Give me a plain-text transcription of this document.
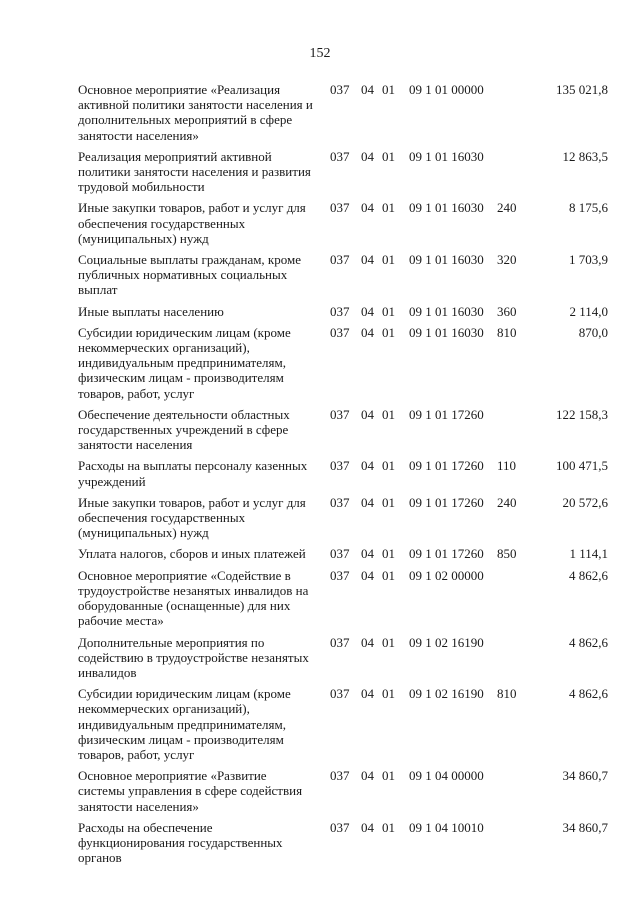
152
Основное мероприятие «Реализация активной политики занятости населения и дополнительных мероприятий в сфере занятости населения»
037 04 01 09 1 01 00000	135 021,8
Реализация мероприятий активной политики занятости населения и развития трудовой мобильности
037 04 01 09 1 01 16030	12 863,5
Иные закупки товаров, работ и услуг для обеспечения государственных (муниципальных) нужд
037 04 01 09 1 01 16030 240	8 175,6
Социальные выплаты гражданам, кроме публичных нормативных социальных выплат
037 04 01 09 1 01 16030 320	1 703,9
Иные выплаты населению	037 04 01 09 1 01 16030 360	2 114,0
Субсидии юридическим лицам (кроме некоммерческих организаций), индивидуальным предпринимателям, физическим лицам - производителям товаров, работ, услуг
037 04 01 09 1 01 16030 810	870,0
Обеспечение деятельности областных государственных учреждений в сфере занятости населения
037 04 01 09 1 01 17260	122 158,3
Расходы на выплаты персоналу казенных учреждений
037 04 01 09 1 01 17260 110	100 471,5
Иные закупки товаров, работ и услуг для обеспечения государственных (муниципальных) нужд
037 04 01 09 1 01 17260 240	20 572,6
Уплата налогов, сборов и иных платежей	037 04 01 09 1 01 17260 850	1 114,1
Основное мероприятие «Содействие в трудоустройстве незанятых инвалидов на оборудованные (оснащенные) для них рабочие места»
037 04 01 09 1 02 00000	4 862,6
Дополнительные мероприятия по содействию в трудоустройстве незанятых инвалидов
037 04 01 09 1 02 16190	4 862,6
Субсидии юридическим лицам (кроме некоммерческих организаций), индивидуальным предпринимателям, физическим лицам - производителям товаров, работ, услуг
037 04 01 09 1 02 16190 810	4 862,6
Основное мероприятие «Развитие системы управления в сфере содействия занятости населения»
037 04 01 09 1 04 00000	34 860,7
Расходы на обеспечение функционирования государственных органов
037 04 01 09 1 04 10010	34 860,7
